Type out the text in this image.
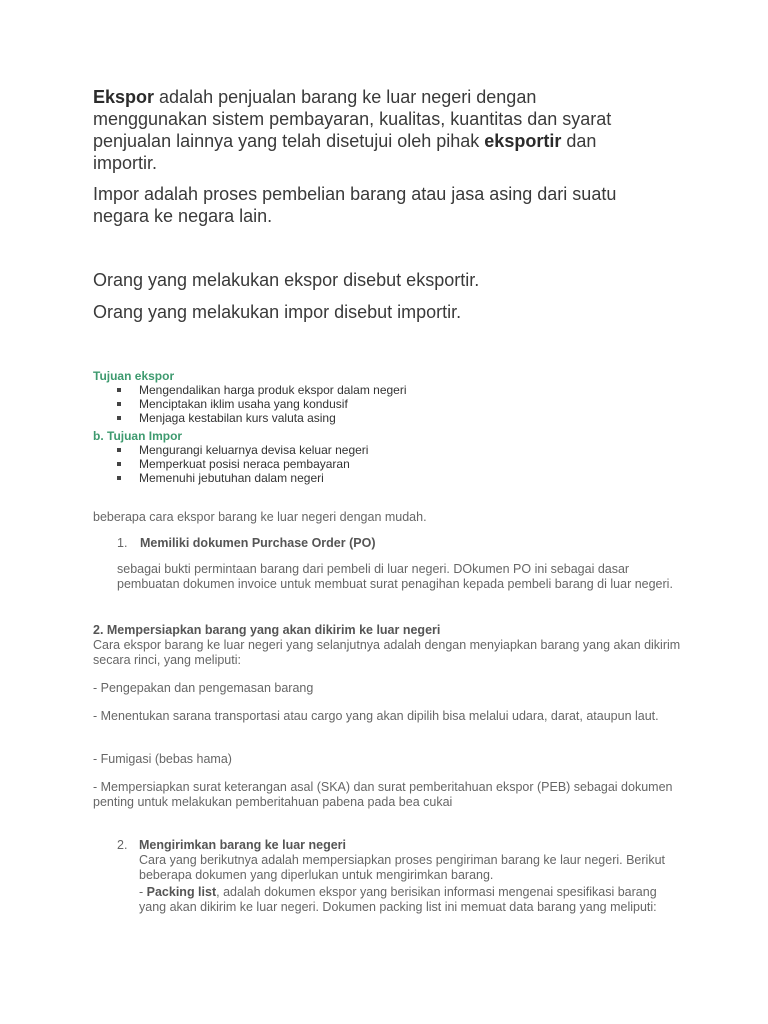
Ekspor adalah penjualan barang ke luar negeri dengan menggunakan sistem pembayaran, kualitas, kuantitas dan syarat penjualan lainnya yang telah disetujui oleh pihak eksportir dan importir.

Impor adalah proses pembelian barang atau jasa asing dari suatu negara ke negara lain.

Orang yang melakukan ekspor disebut eksportir.

Orang yang melakukan impor disebut importir.

Tujuan ekspor
Mengendalikan harga produk ekspor dalam negeri
Menciptakan iklim usaha yang kondusif
Menjaga kestabilan kurs valuta asing
b. Tujuan Impor
Mengurangi keluarnya devisa keluar negeri
Memperkuat posisi neraca pembayaran
Memenuhi jebutuhan dalam negeri
beberapa cara ekspor barang ke luar negeri dengan mudah.
1. Memiliki dokumen Purchase Order (PO)
sebagai bukti permintaan barang dari pembeli di luar negeri. DOkumen PO ini sebagai dasar pembuatan dokumen invoice untuk membuat surat penagihan kepada pembeli barang di luar negeri.
2. Mempersiapkan barang yang akan dikirim ke luar negeri
Cara ekspor barang ke luar negeri yang selanjutnya adalah dengan menyiapkan barang yang akan dikirim secara rinci, yang meliputi:
- Pengepakan dan pengemasan barang
- Menentukan sarana transportasi atau cargo yang akan dipilih bisa melalui udara, darat, ataupun laut.
- Fumigasi (bebas hama)
- Mempersiapkan surat keterangan asal (SKA) dan surat pemberitahuan ekspor (PEB) sebagai dokumen penting untuk melakukan pemberitahuan pabena pada bea cukai
2. Mengirimkan barang ke luar negeri
Cara yang berikutnya adalah mempersiapkan proses pengiriman barang ke laur negeri. Berikut beberapa dokumen yang diperlukan untuk mengirimkan barang.
- Packing list, adalah dokumen ekspor yang berisikan informasi mengenai spesifikasi barang yang akan dikirim ke luar negeri. Dokumen packing list ini memuat data barang yang meliputi:
